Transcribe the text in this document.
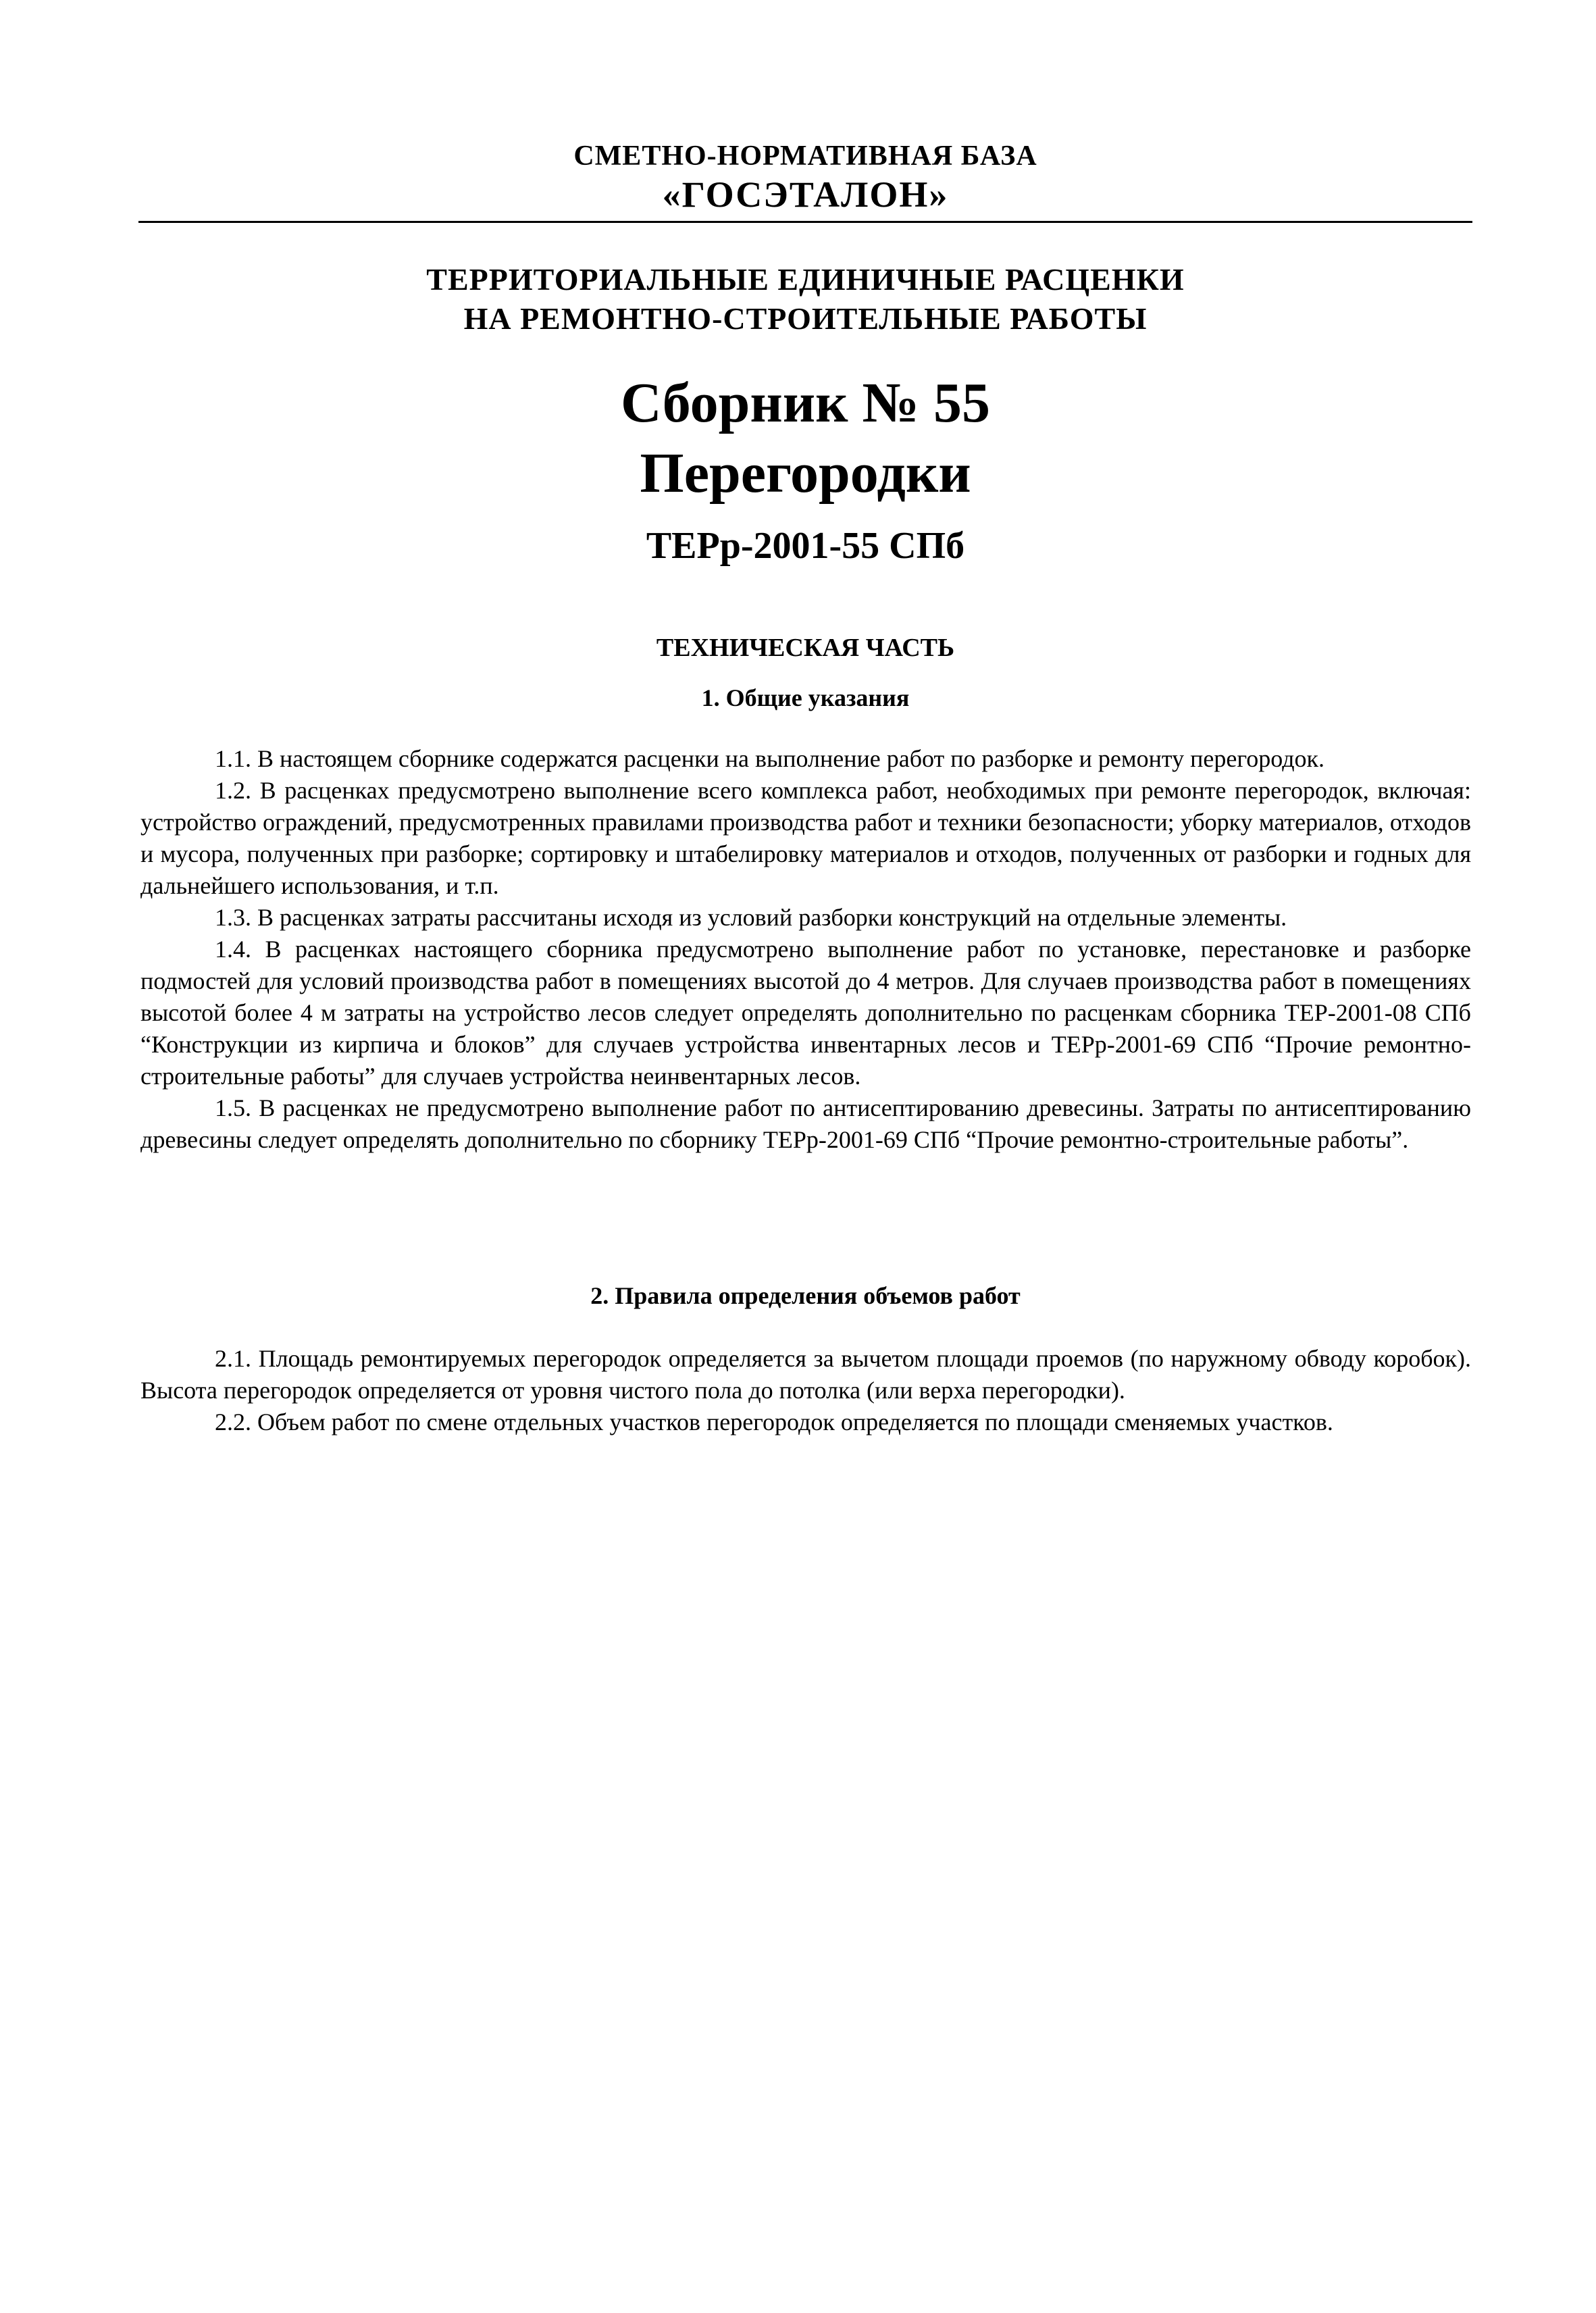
СМЕТНО-НОРМАТИВНАЯ БАЗА
«ГОСЭТАЛОН»
ТЕРРИТОРИАЛЬНЫЕ ЕДИНИЧНЫЕ РАСЦЕНКИ
НА РЕМОНТНО-СТРОИТЕЛЬНЫЕ РАБОТЫ
Сборник № 55
Перегородки
ТЕРр-2001-55 СПб
ТЕХНИЧЕСКАЯ ЧАСТЬ
1. Общие указания

1.1. В настоящем сборнике содержатся расценки на выполнение работ по разборке и ремонту перегородок.

1.2. В расценках предусмотрено выполнение всего комплекса работ, необходимых при ремонте перегородок, включая: устройство ограждений, предусмотренных правилами производства работ и техники безопасности; уборку материалов, отходов и мусора, полученных при разборке; сортировку и штабелировку материалов и отходов, полученных от разборки и годных для дальнейшего использования, и т.п.

1.3. В расценках затраты рассчитаны исходя из условий разборки конструкций на отдельные элементы.

1.4. В расценках настоящего сборника предусмотрено выполнение работ по установке, перестановке и разборке подмостей для условий производства работ в помещениях высотой до 4 метров. Для случаев производства работ в помещениях высотой более 4 м затраты на устройство лесов следует определять дополнительно по расценкам сборника ТЕР-2001-08 СПб “Конструкции из кирпича и блоков” для случаев устройства инвентарных лесов и ТЕРр-2001-69 СПб “Прочие ремонтно-строительные работы” для случаев устройства неинвентарных лесов.

1.5. В расценках не предусмотрено выполнение работ по антисептированию древесины. Затраты по антисептированию древесины следует определять дополнительно по сборнику ТЕРр-2001-69 СПб “Прочие ремонтно-строительные работы”.

2. Правила определения объемов работ

2.1. Площадь ремонтируемых перегородок определяется за вычетом площади проемов (по наружному обводу коробок). Высота перегородок определяется от уровня чистого пола до потолка (или верха перегородки).

2.2. Объем работ по смене отдельных участков перегородок определяется по площади сменяемых участков.
